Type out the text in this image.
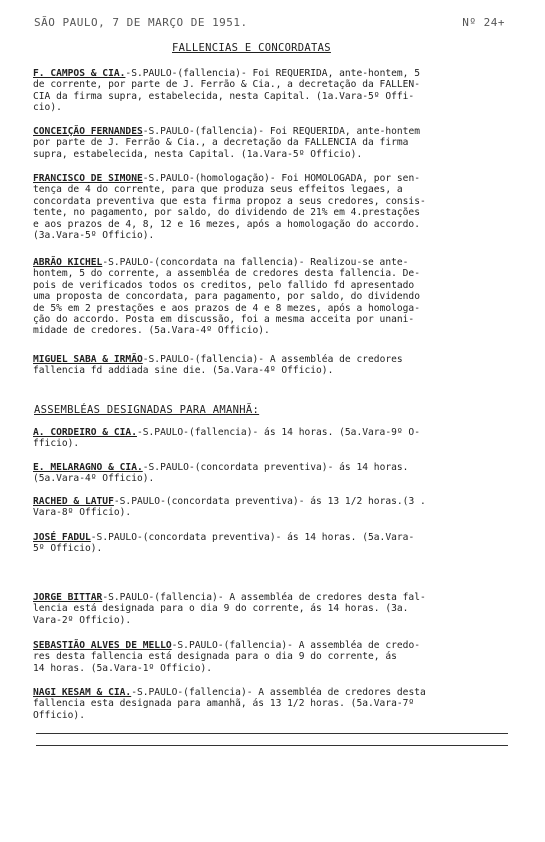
SÃO PAULO, 7 DE MARÇO DE 1951.	Nº 24+
FALLENCIAS E CONCORDATAS
F. CAMPOS & CIA.-S.PAULO-(fallencia)- Foi REQUERIDA, ante-hontem, 5
de corrente, por parte de J. Ferrão & Cia., a decretação da FALLEN-
CIA da firma supra, estabelecida, nesta Capital. (1a.Vara-5º Offi-
cio).
CONCEIÇÃO FERNANDES-S.PAULO-(fallencia)- Foi REQUERIDA, ante-hontem
por parte de J. Ferrão & Cia., a decretação da FALLENCIA da firma
supra, estabelecida, nesta Capital. (1a.Vara-5º Officio).
FRANCISCO DE SIMONE-S.PAULO-(homologação)- Foi HOMOLOGADA, por sen-
tença de 4 do corrente, para que produza seus effeitos legaes, a
concordata preventiva que esta firma propoz a seus credores, consis-
tente, no pagamento, por saldo, do dividendo de 21% em 4.prestações
e aos prazos de 4, 8, 12 e 16 mezes, após a homologação do accordo.
(3a.Vara-5º Officio).
ABRÃO KICHEL-S.PAULO-(concordata na fallencia)- Realizou-se ante-
hontem, 5 do corrente, a assembléa de credores desta fallencia. De-
pois de verificados todos os creditos, pelo fallido fd apresentado
uma proposta de concordata, para pagamento, por saldo, do dividendo
de 5% em 2 prestações e aos prazos de 4 e 8 mezes, após a homologa-
ção do accordo. Posta em discussão, foi a mesma acceita por unani-
midade de credores. (5a.Vara-4º Officio).
MIGUEL SABA & IRMÃO-S.PAULO-(fallencia)- A assembléa de credores
fallencia fd addiada sine die. (5a.Vara-4º Officio).
ASSEMBLÉAS DESIGNADAS PARA AMANHÃ:
A. CORDEIRO & CIA.-S.PAULO-(fallencia)- ás 14 horas. (5a.Vara-9º O-
fficio).
E. MELARAGNO & CIA.-S.PAULO-(concordata preventiva)- ás 14 horas.
(5a.Vara-4º Officio).
RACHED & LATUF-S.PAULO-(concordata preventiva)- ás 13 1/2 horas.(3 .
Vara-8º Officio).
JOSÉ FADUL-S.PAULO-(concordata preventiva)- ás 14 horas. (5a.Vara-
5º Officio).
JORGE BITTAR-S.PAULO-(fallencia)- A assembléa de credores desta fal-
lencia está designada para o dia 9 do corrente, ás 14 horas. (3a.
Vara-2º Officio).
SEBASTIÃO ALVES DE MELLO-S.PAULO-(fallencia)- A assembléa de credo-
res desta fallencia está designada para o dia 9 do corrente, ás
14 horas. (5a.Vara-1º Officio).
NAGI KESAM & CIA.-S.PAULO-(fallencia)- A assembléa de credores desta
fallencia esta designada para amanhã, ás 13 1/2 horas. (5a.Vara-7º
Officio).
